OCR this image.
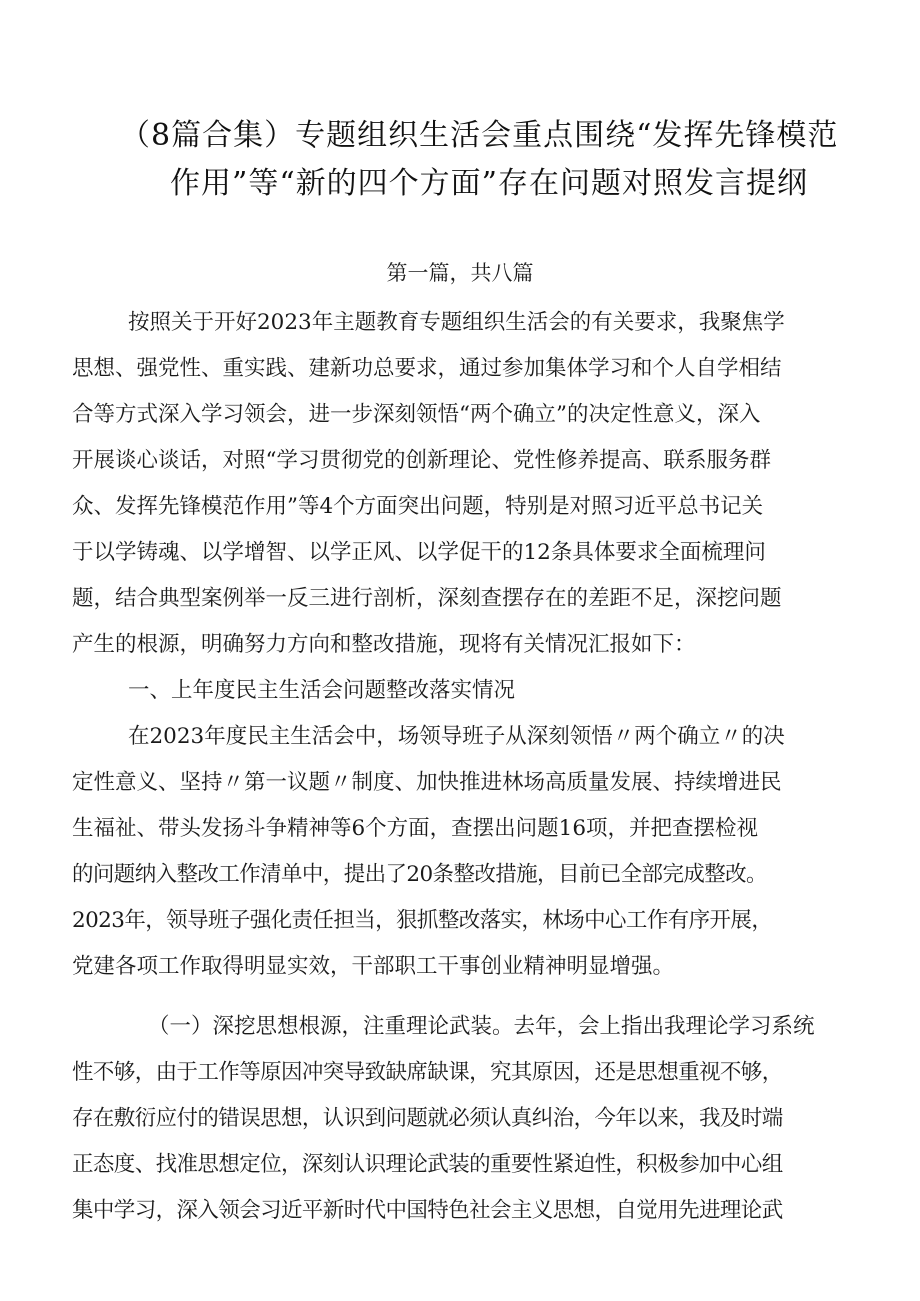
（8篇合集）专题组织生活会重点围绕“发挥先锋模范
作用”等“新的四个方面”存在问题对照发言提纲
第一篇，共八篇

按照关于开好2023年主题教育专题组织生活会的有关要求，我聚焦学
思想、强党性、重实践、建新功总要求，通过参加集体学习和个人自学相结
合等方式深入学习领会，进一步深刻领悟“两个确立”的决定性意义，深入
开展谈心谈话，对照“学习贯彻党的创新理论、党性修养提高、联系服务群
众、发挥先锋模范作用”等4个方面突出问题，特别是对照习近平总书记关
于以学铸魂、以学增智、以学正风、以学促干的12条具体要求全面梳理问
题，结合典型案例举一反三进行剖析，深刻查摆存在的差距不足，深挖问题
产生的根源，明确努力方向和整改措施，现将有关情况汇报如下：

一、上年度民主生活会问题整改落实情况

在2023年度民主生活会中，场领导班子从深刻领悟〃两个确立〃的决
定性意义、坚持〃第一议题〃制度、加快推进林场高质量发展、持续增进民
生福祉、带头发扬斗争精神等6个方面，查摆出问题16项，并把查摆检视
的问题纳入整改工作清单中，提出了20条整改措施，目前已全部完成整改。
2023年，领导班子强化责任担当，狠抓整改落实，林场中心工作有序开展，
党建各项工作取得明显实效，干部职工干事创业精神明显增强。

（一）深挖思想根源，注重理论武装。去年，会上指出我理论学习系统
性不够，由于工作等原因冲突导致缺席缺课，究其原因，还是思想重视不够，
存在敷衍应付的错误思想，认识到问题就必须认真纠治，今年以来，我及时端
正态度、找准思想定位，深刻认识理论武装的重要性紧迫性，积极参加中心组
集中学习，深入领会习近平新时代中国特色社会主义思想，自觉用先进理论武
